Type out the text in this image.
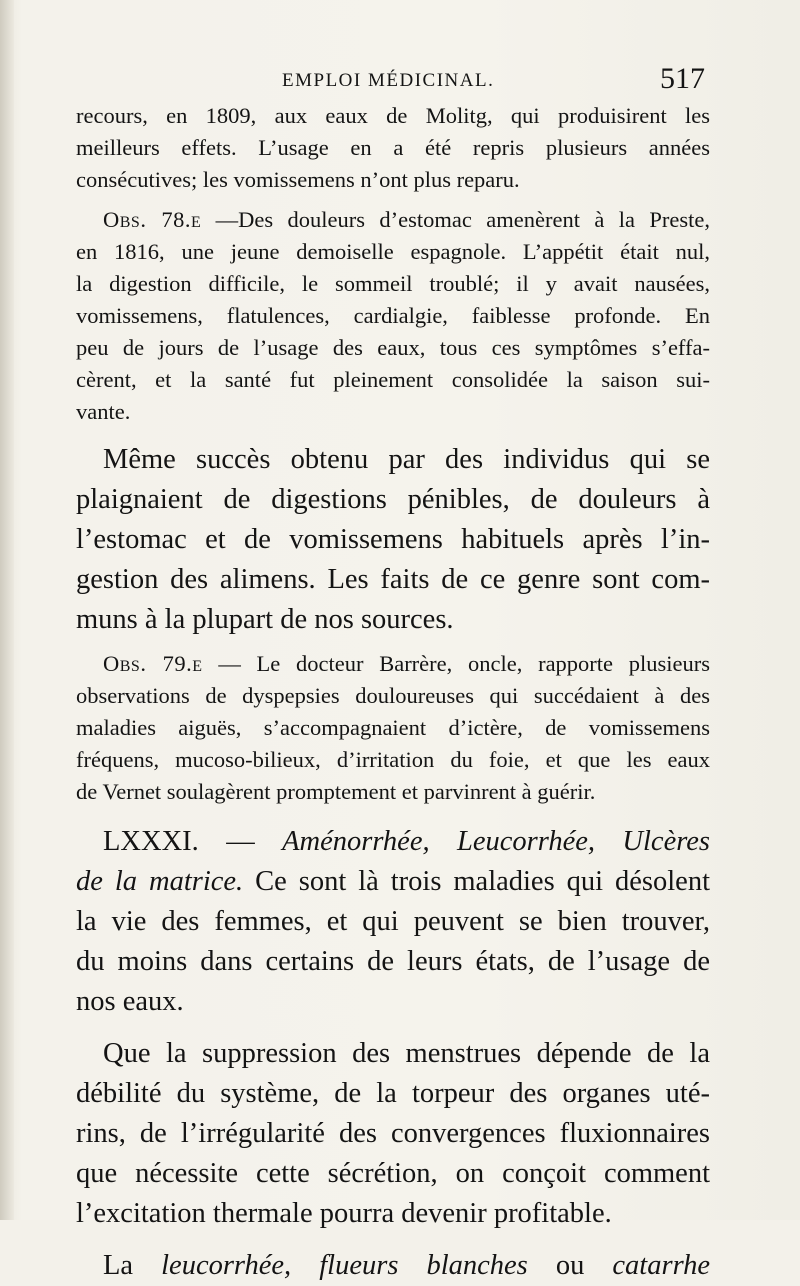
EMPLOI MÉDICINAL.	517
recours, en 1809, aux eaux de Molitg, qui produisirent les
meilleurs effets. L’usage en a été repris plusieurs années
consécutives; les vomissemens n’ont plus reparu.
Obs. 78.e —Des douleurs d’estomac amenèrent à la Preste,
en 1816, une jeune demoiselle espagnole. L’appétit était nul,
la digestion difficile, le sommeil troublé; il y avait nausées,
vomissemens, flatulences, cardialgie, faiblesse profonde. En
peu de jours de l’usage des eaux, tous ces symptômes s’effa-
cèrent, et la santé fut pleinement consolidée la saison sui-
vante.
Même succès obtenu par des individus qui se
plaignaient de digestions pénibles, de douleurs à
l’estomac et de vomissemens habituels après l’in-
gestion des alimens. Les faits de ce genre sont com-
muns à la plupart de nos sources.
Obs. 79.e — Le docteur Barrère, oncle, rapporte plusieurs
observations de dyspepsies douloureuses qui succédaient à des
maladies aiguës, s’accompagnaient d’ictère, de vomissemens
fréquens, mucoso-bilieux, d’irritation du foie, et que les eaux
de Vernet soulagèrent promptement et parvinrent à guérir.
LXXXI. — Aménorrhée, Leucorrhée, Ulcères
de la matrice. Ce sont là trois maladies qui désolent
la vie des femmes, et qui peuvent se bien trouver,
du moins dans certains de leurs états, de l’usage de
nos eaux.
Que la suppression des menstrues dépende de la
débilité du système, de la torpeur des organes uté-
rins, de l’irrégularité des convergences fluxionnaires
que nécessite cette sécrétion, on conçoit comment
l’excitation thermale pourra devenir profitable.
La leucorrhée, flueurs blanches ou catarrhe
